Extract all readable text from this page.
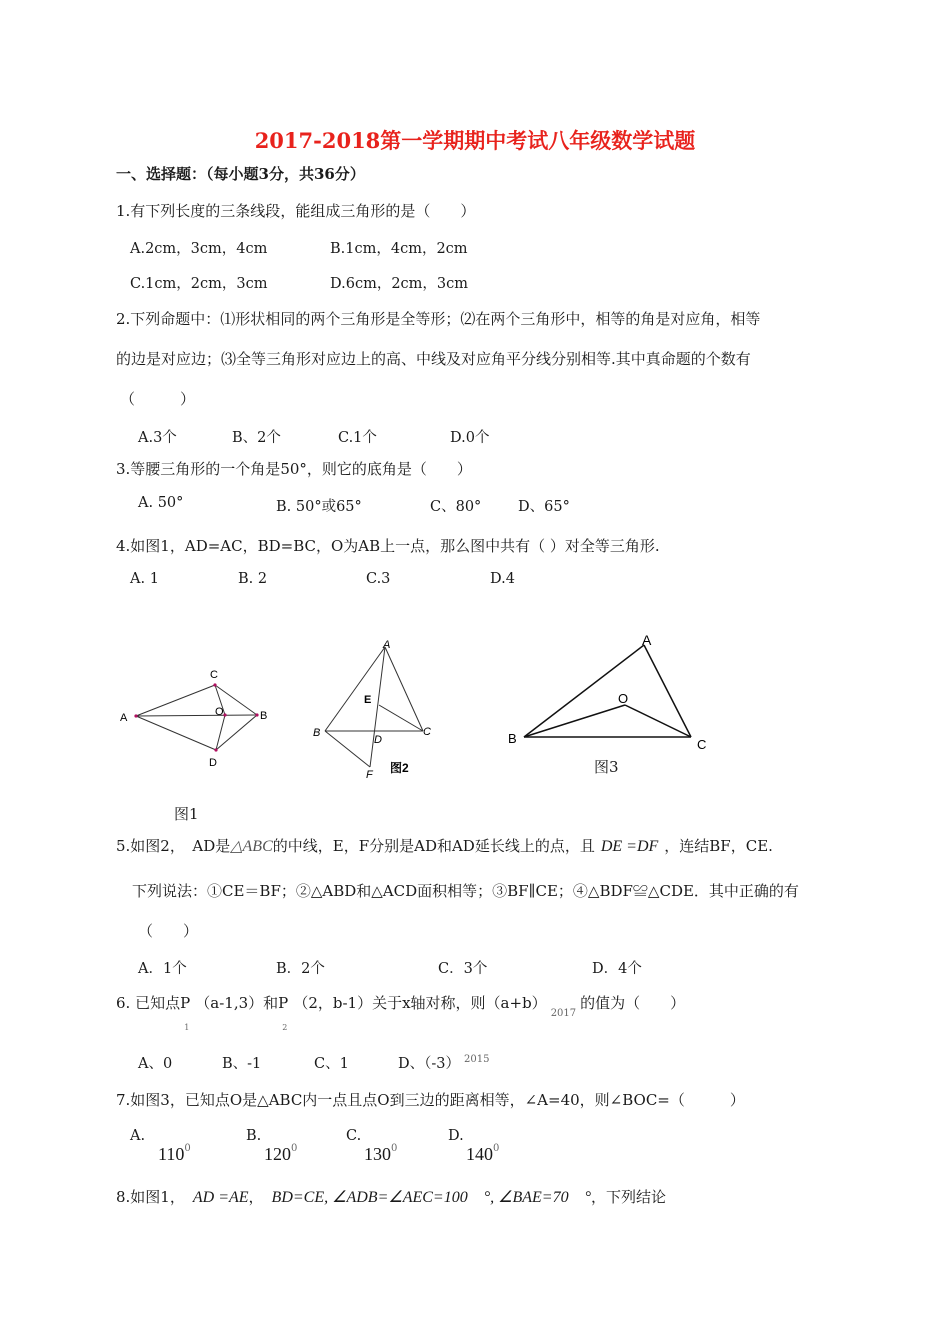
2017-2018第一学期期中考试八年级数学试题
一、选择题：（每小题3分，共36分）
1.有下列长度的三条线段，能组成三角形的是（　　）
A.2cm，3cm，4cm	B.1cm，4cm，2cm
C.1cm，2cm，3cm	D.6cm，2cm，3cm
2.下列命题中：⑴形状相同的两个三角形是全等形；⑵在两个三角形中，相等的角是对应角，相等
的边是对应边；⑶全等三角形对应边上的高、中线及对应角平分线分别相等.其中真命题的个数有
（　　　）
A.3个	B、2个	C.1个	D.0个
3.等腰三角形的一个角是50°，则它的底角是（　　）
A. 50°	B. 50°或65°	C、80°	D、65°
4.如图1，AD=AC，BD=BC，O为AB上一点，那么图中共有（ ）对全等三角形.
A. 1	B. 2	C.3	D.4
A	B
C
D
O
图1
A
B	C
D
E
F 图2
A
B	C
O
图3
5.如图2，　AD是△ABC的中线，E，F分别是AD和AD延长线上的点，且 DE =DF ，连结BF，CE.
下列说法：①CE＝BF；②△ABD和△ACD面积相等；③BF∥CE；④△BDF≌△CDE．其中正确的有
（　　）
A．1个	B．2个	C．3个	D．4个
6. 已知点$P_1(a-1,3)$和$P_2(2$，b-1）关于x轴对称，则$(a+b)_{2017}$的值为（　　）
A、0	B、-1	C、1	D、（-3） $^{2015}$
7.如图3，已知点O是△ABC内一点且点O到三边的距离相等，∠A=40，则∠BOC=（　　　）
A.
$110^0$
B.
$120^0$
C.
$130^0$
D.
$140^0$
8.如图1， AD =AE， BD=CE, ∠ADB=∠AEC=100　°, ∠BAE=70　°，下列结论
